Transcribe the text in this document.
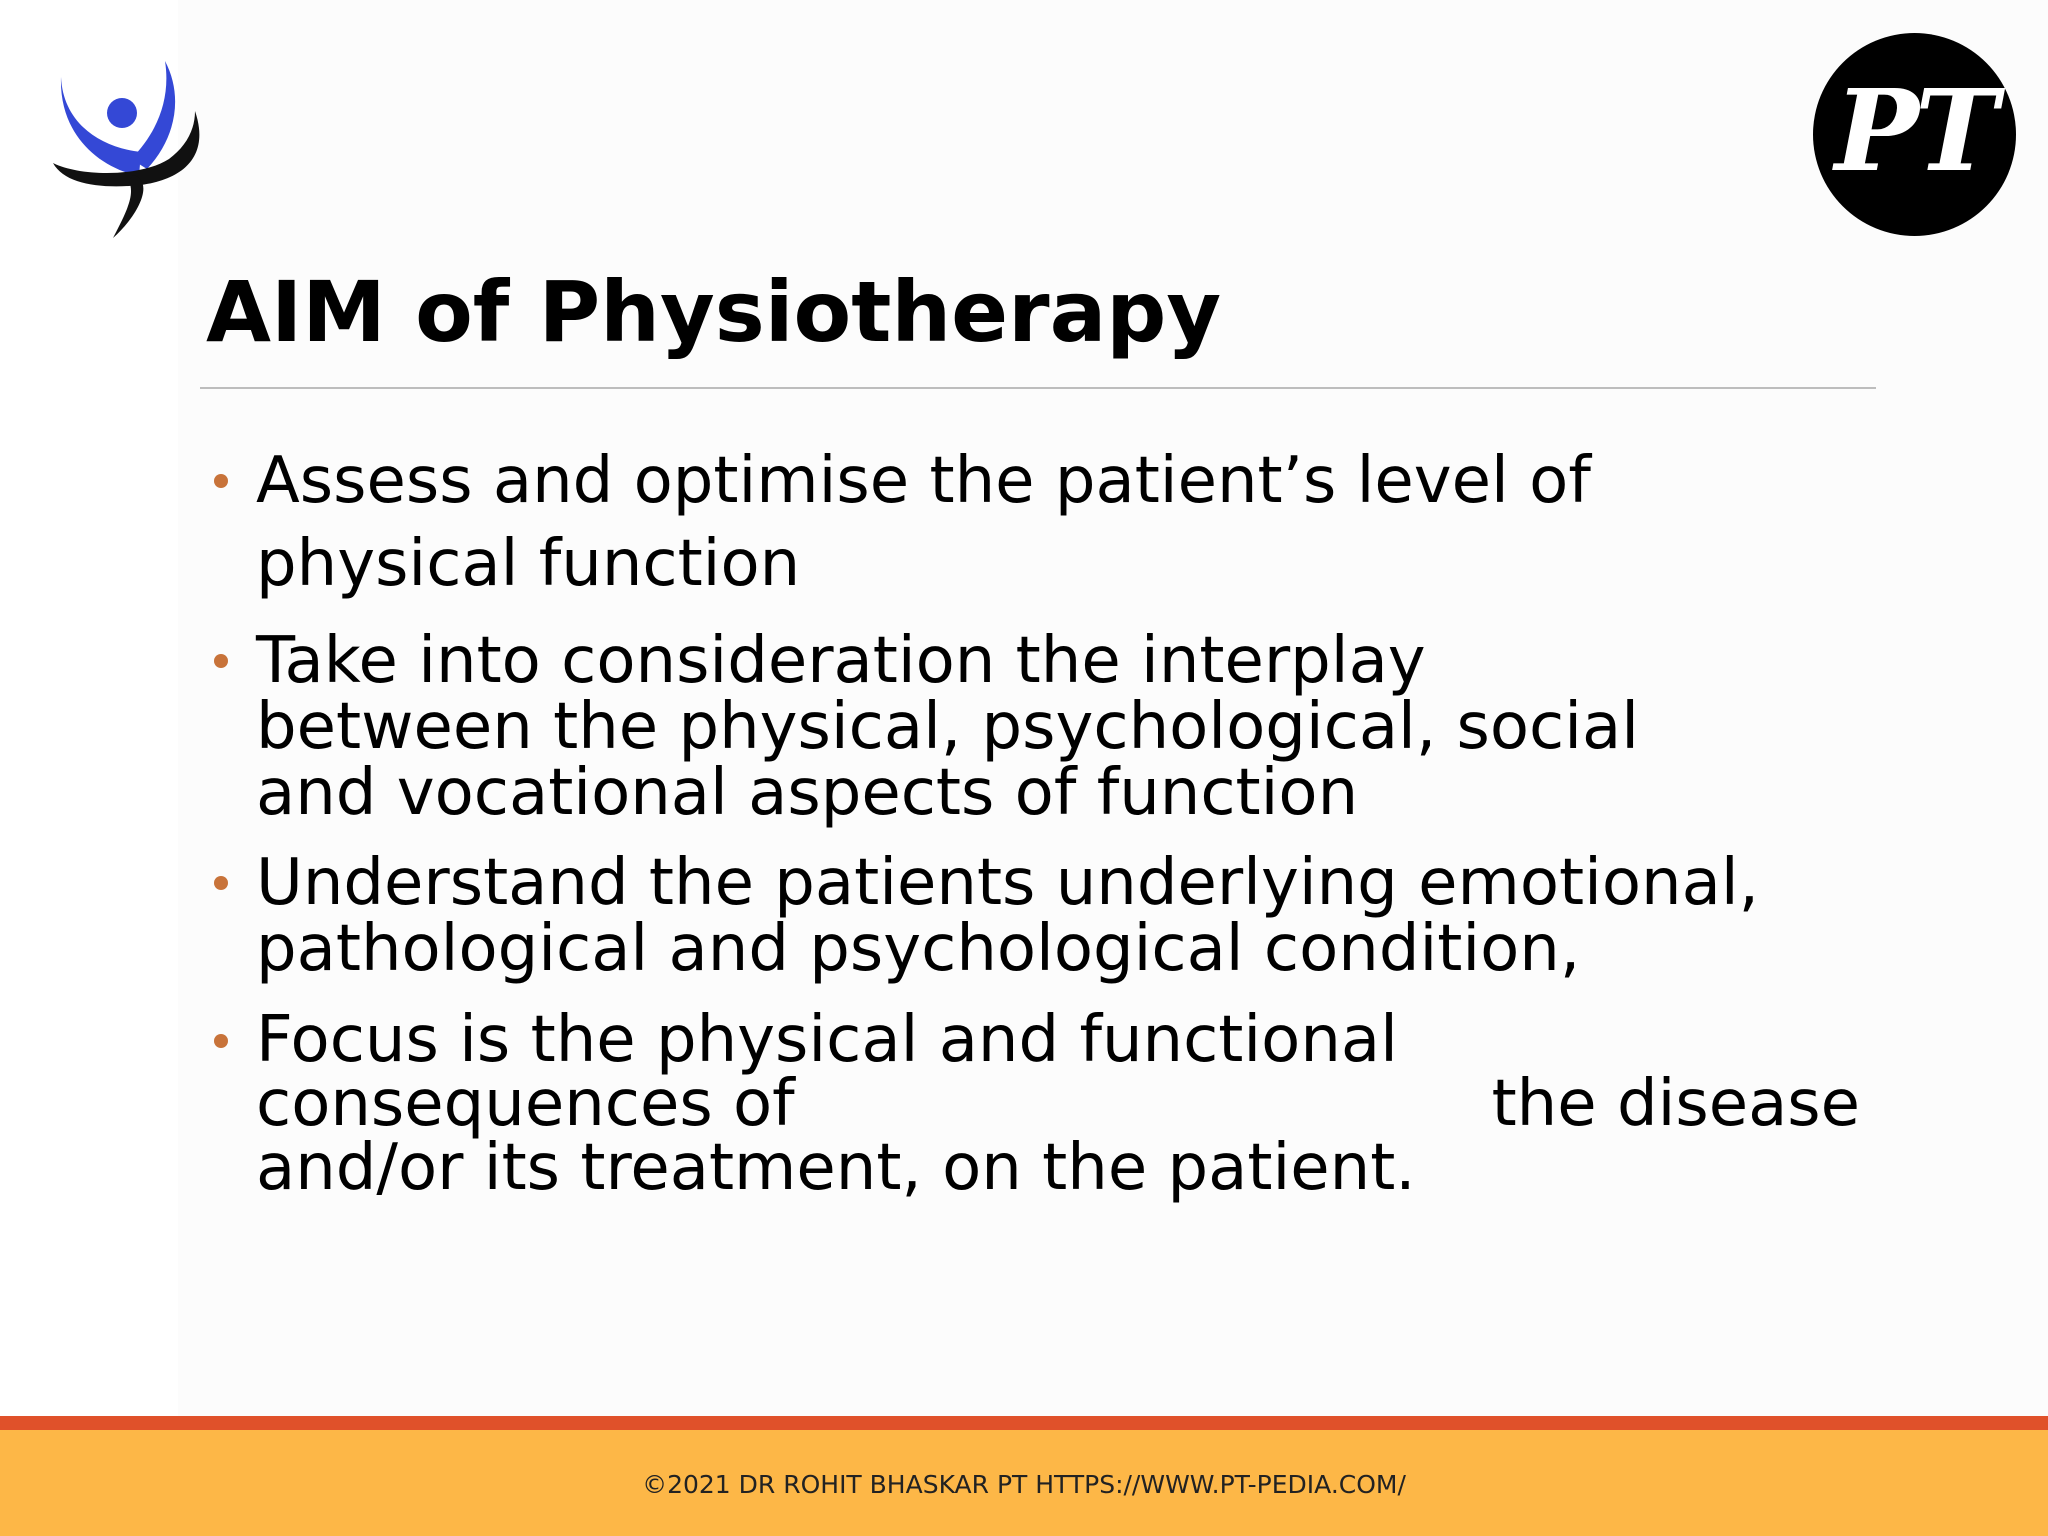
PT
AIM of Physiotherapy
Assess and optimise the patient’s level of
physical function
Take into consideration the interplay
between the physical, psychological, social
and vocational aspects of function
Understand the patients underlying emotional,
pathological and psychological condition,
Focus is the physical and functional
consequences of	the disease
and/or its treatment, on the patient.
©2021 DR ROHIT BHASKAR PT HTTPS://WWW.PT-PEDIA.COM/
